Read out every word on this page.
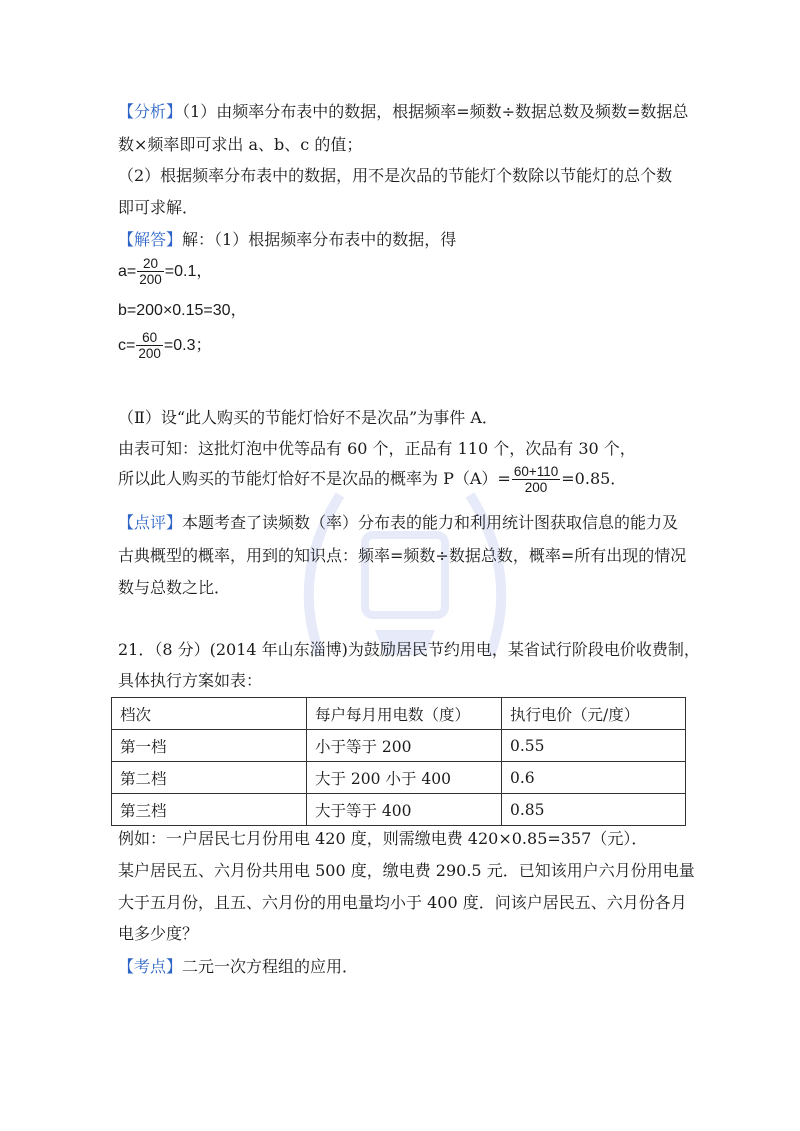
【分析】（1）由频率分布表中的数据，根据频率=频数÷数据总数及频数=数据总
数×频率即可求出 a、b、c 的值；
（2）根据频率分布表中的数据，用不是次品的节能灯个数除以节能灯的总个数
即可求解．
【解答】解：（1）根据频率分布表中的数据，得
$a= \frac{20}{200} =0.1$，
b=200×0.15=30，
$c= \frac{60}{200} =0.3$；
（Ⅱ）设“此人购买的节能灯恰好不是次品”为事件 A．
由表可知：这批灯泡中优等品有 60 个，正品有 110 个，次品有 30 个，
所以此人购买的节能灯恰好不是次品的概率为 $P(A)= \frac{60+110}{200} =0.85$．
【点评】本题考查了读频数（率）分布表的能力和利用统计图获取信息的能力及
古典概型的概率，用到的知识点：频率=频数÷数据总数，概率=所有出现的情况
数与总数之比．
21．（8 分）(2014 年山东淄博)为鼓励居民节约用电，某省试行阶段电价收费制，
具体执行方案如表：
档次	每户每月用电数（度）	执行电价（元/度）
第一档	小于等于 200	0.55
第二档	大于 200 小于 400	0.6
第三档	大于等于 400	0.85
例如：一户居民七月份用电 420 度，则需缴电费 420×0.85=357（元）．
某户居民五、六月份共用电 500 度，缴电费 290.5 元．已知该用户六月份用电量
大于五月份，且五、六月份的用电量均小于 400 度．问该户居民五、六月份各月
电多少度？
【考点】二元一次方程组的应用．
